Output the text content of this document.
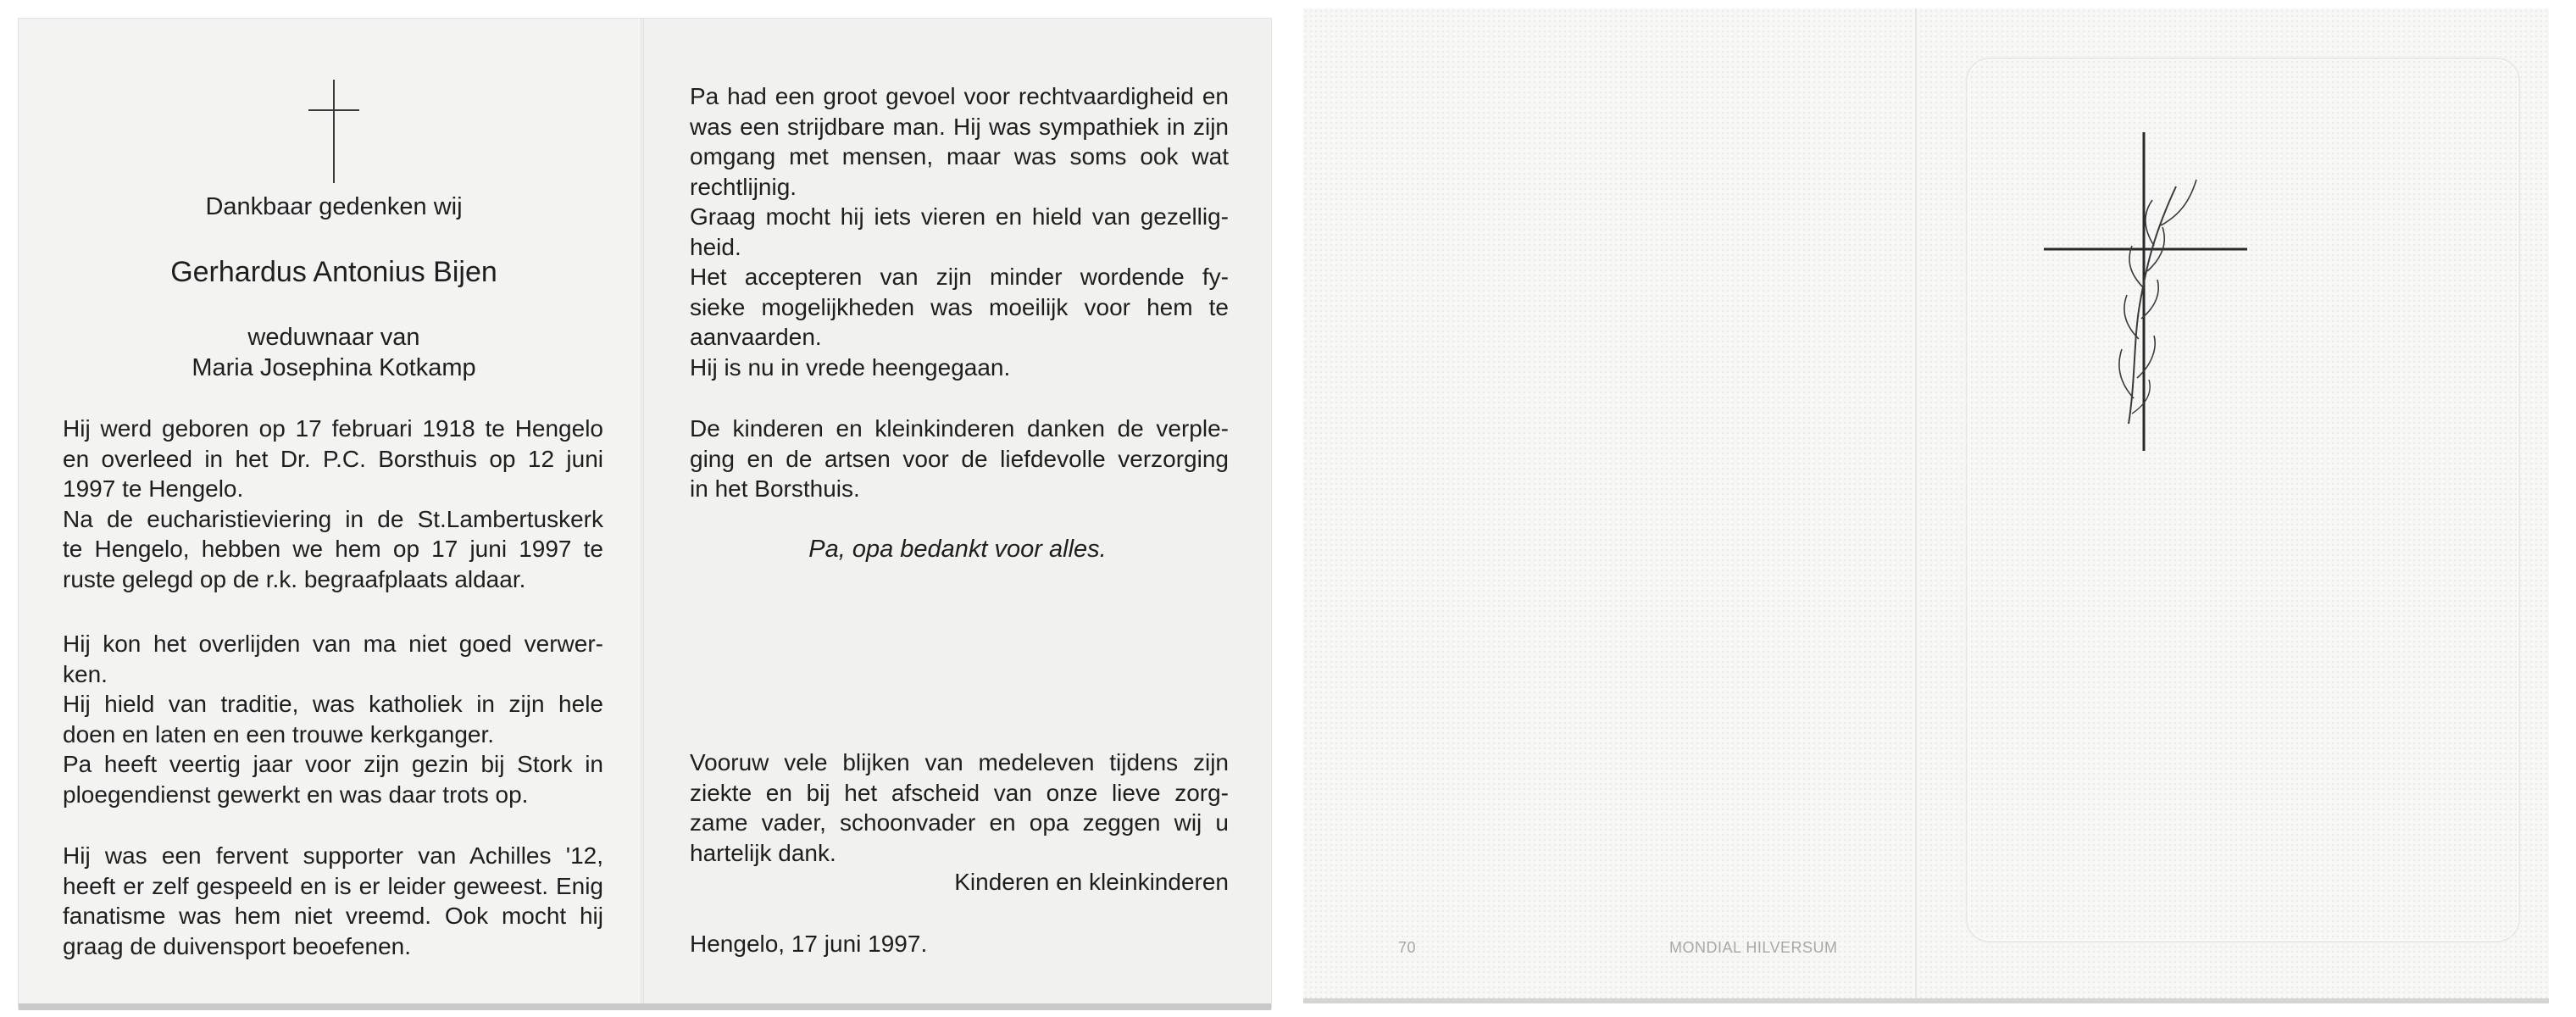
Dankbaar gedenken wij
Gerhardus Antonius Bijen
weduwnaar van
Maria Josephina Kotkamp
Hij werd geboren op 17 februari 1918 te Hengelo
en overleed in het Dr. P.C. Borsthuis op 12 juni
1997 te Hengelo.
Na de eucharistieviering in de St.Lambertuskerk
te Hengelo, hebben we hem op 17 juni 1997 te
ruste gelegd op de r.k. begraafplaats aldaar.
Hij kon het overlijden van ma niet goed verwer-
ken.
Hij hield van traditie, was katholiek in zijn hele
doen en laten en een trouwe kerkganger.
Pa heeft veertig jaar voor zijn gezin bij Stork in
ploegendienst gewerkt en was daar trots op.
Hij was een fervent supporter van Achilles '12,
heeft er zelf gespeeld en is er leider geweest. Enig
fanatisme was hem niet vreemd. Ook mocht hij
graag de duivensport beoefenen.
Pa had een groot gevoel voor rechtvaardigheid en
was een strijdbare man. Hij was sympathiek in zijn
omgang met mensen, maar was soms ook wat
rechtlijnig.
Graag mocht hij iets vieren en hield van gezellig-
heid.
Het accepteren van zijn minder wordende fy-
sieke mogelijkheden was moeilijk voor hem te
aanvaarden.
Hij is nu in vrede heengegaan.
De kinderen en kleinkinderen danken de verple-
ging en de artsen voor de liefdevolle verzorging
in het Borsthuis.
Pa, opa bedankt voor alles.
Vooruw vele blijken van medeleven tijdens zijn
ziekte en bij het afscheid van onze lieve zorg-
zame vader, schoonvader en opa zeggen wij u
hartelijk dank.
Kinderen en kleinkinderen
Hengelo, 17 juni 1997.	70	MONDIAL HILVERSUM
